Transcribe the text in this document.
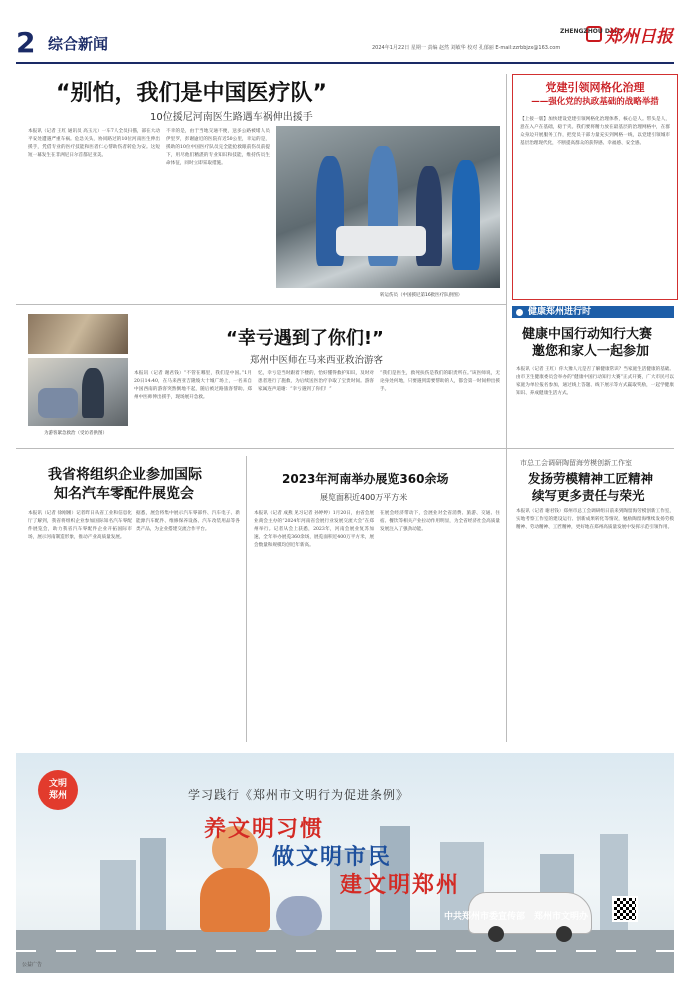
2 综合新闻	2024年1月22日 星期一 责编 赵然 刘敏华 校对 孔郁丽 E-mail:zzrbbjzx@163.com
ZHENGZHOU DAILY
郑州日报
“别怕，我们是中国医疗队”
10位援尼河南医生路遇车祸伸出援手
本报讯（记者 王红 通讯员 高玉元）一车7人全员扫描，部在大动平安处遭遇严重车祸。危急关头，协同路过的10位河南医生伸出援手，凭借专业的医疗技能和医者仁心帮助伤者转危为安。这短短一幕发生在非洲尼日尔首都尼亚美。
不幸的是，由于当地交通不便，送多公路被堵人员伊里罗，彭谢逾近的医院有近50公里，幸运的是，援助的10位中国医疗队员完全能抢救眼前伤员前提下，用尽他们精湛的专业知识和技能，维持伤员生命体征，同时立即采取措施。
转运伤员（中国援尼第16批医疗队供图）
为游客紧急救治（受访者供图）
“幸亏遇到了你们!”
郑州中医师在马来西亚救治游客
本报讯（记者 谢君钱）“不管在哪里，我们是中国。”1月20日14:40，在马来西亚吉隆坡大十城广场上，一名来自中国西南的游客突然倒地不起，随后被过路旅客帮助。郑州中医师伸出援手，现场展开急救。
忆，幸亏是当时跟着下楼的，恰好懂得救护知识，及时对患者进行了施救，为后续送医治疗争取了宝贵时间。游客家属连声道谢：“幸亏遇到了你们！”
“我们是医生，救死扶伤是我们的职责所在。”该医师说，无论身处何地，只要遇到需要帮助的人，都会第一时间伸出援手。
党建引领网格化治理
——强化党的执政基础的战略举措
【上接一版】加快建设党建引领网格化治理体系，核心是人。带头是人，意在入户在基础，稳于夹。我们要将精力放在最基层的治理网格中，在群众身边开展服务工作，把党员干部力量充实到网格一线，以党建引领城市基层治理现代化，不断提高群众的获得感、幸福感、安全感。
健康郑州进行时
健康中国行动知行大赛
邀您和家人一起参加
本报讯（记者 王红）你大豫人元是否了解健康常识？当家庭生活健康的基础。由市卫生健康委员会举办的“健康中国行动知行大赛”正式开赛，广大市民可以家庭为单位报名参加，通过线上答题、线下展示等方式赢取奖励，一起学健康知识、养成健康生活方式。
我省将组织企业参加国际
知名汽车零配件展览会
本报讯（记者 徐刚刚）记者昨日从省工业和信息化厅了解到，我省将组织企业参加国际知名汽车零配件展览会，助力我省汽车零配件企业开拓国际市场，展示河南制造形象，推动产业高质量发展。
据悉，展会将集中展示汽车零部件、汽车电子、新能源汽车配件、维修保养设备、汽车改装用品等各类产品，为企业搭建交流合作平台。
2023年河南举办展览360余场
展览面积近400万平方米
本报讯（记者 成燕 见习记者 孙婷婷）1月20日，由省会展业商会主办的“2024年河南省会展行业发展交流大会”在郑州举行。记者从会上获悉，2023年，河南会展业复苏加速，全年举办展览360余场，展览面积近400万平方米，展会数量和规模均创近年新高。
在展会经济带动下，会展业对全省消费、旅游、交通、住宿、餐饮等相关产业拉动作用明显，为全省经济社会高质量发展注入了强劲动能。
市总工会调研陶留海劳模创新工作室
发扬劳模精神工匠精神
续写更多责任与荣光
本报讯（记者 谢君钱）郑州市总工会调研组日前来到陶留海劳模创新工作室，实地考察工作室的建设运行、创新成果转化等情况，勉励陶留海继续发扬劳模精神、劳动精神、工匠精神，更好地在郑州高质量发展中发挥示范引领作用。
文明
郑州	学习践行《郑州市文明行为促进条例》
养文明习惯
做文明市民
建文明郑州
中共郑州市委宣传部　郑州市文明办
公益广告
